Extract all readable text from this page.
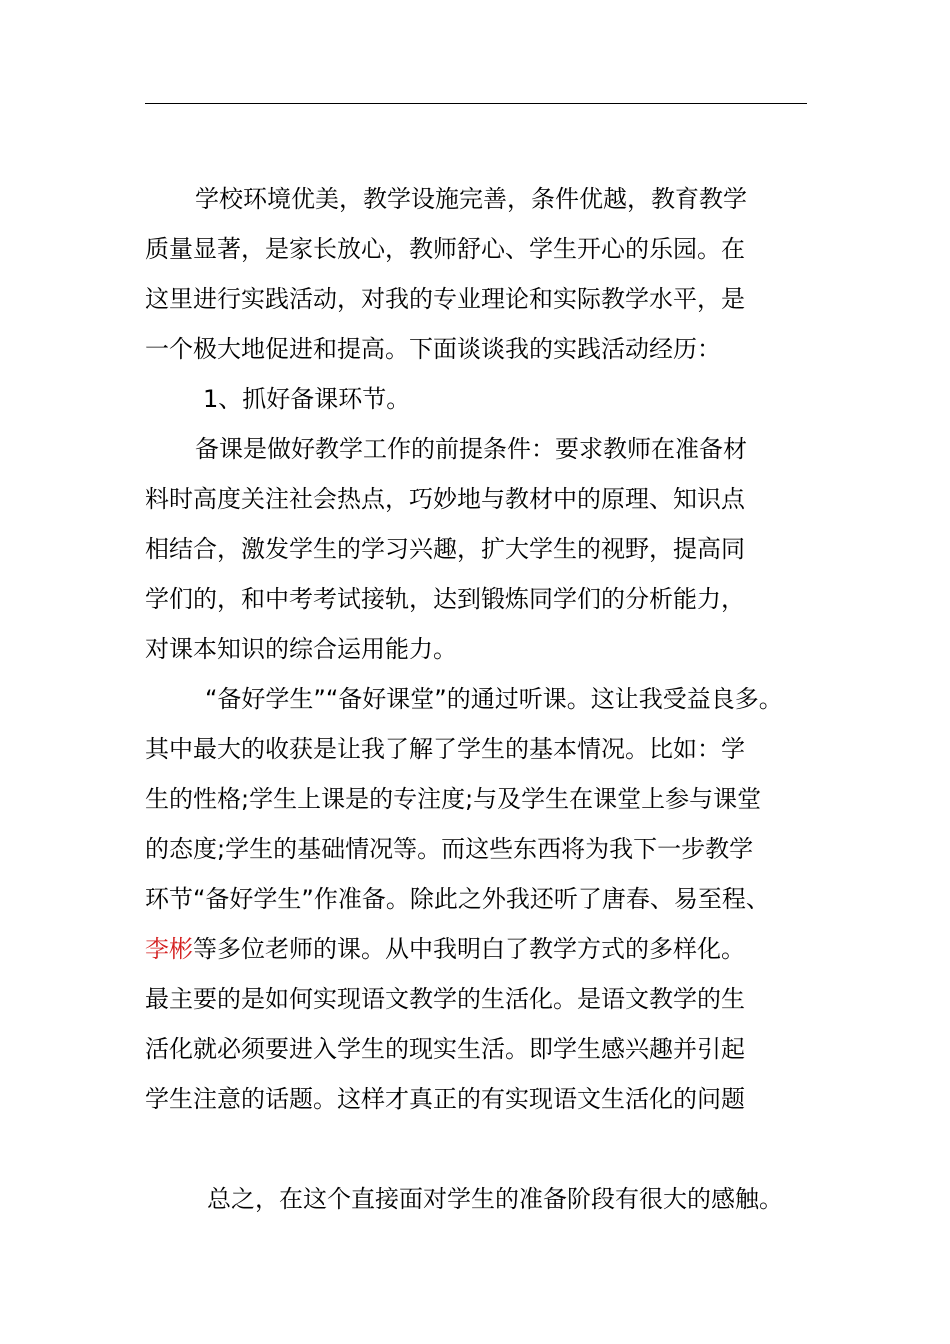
学校环境优美，教学设施完善，条件优越，教育教学
质量显著，是家长放心，教师舒心、学生开心的乐园。在
这里进行实践活动，对我的专业理论和实际教学水平，是
一个极大地促进和提高。下面谈谈我的实践活动经历：
1、抓好备课环节。
备课是做好教学工作的前提条件：要求教师在准备材
料时高度关注社会热点，巧妙地与教材中的原理、知识点
相结合，激发学生的学习兴趣，扩大学生的视野，提高同
学们的，和中考考试接轨，达到锻炼同学们的分析能力，
对课本知识的综合运用能力。
“备好学生”“备好课堂”的通过听课。这让我受益良多。
其中最大的收获是让我了解了学生的基本情况。比如：学
生的性格;学生上课是的专注度;与及学生在课堂上参与课堂
的态度;学生的基础情况等。而这些东西将为我下一步教学
环节“备好学生”作准备。除此之外我还听了唐春、易至程、
李彬等多位老师的课。从中我明白了教学方式的多样化。
最主要的是如何实现语文教学的生活化。是语文教学的生
活化就必须要进入学生的现实生活。即学生感兴趣并引起
学生注意的话题。这样才真正的有实现语文生活化的问题
总之，在这个直接面对学生的准备阶段有很大的感触。
